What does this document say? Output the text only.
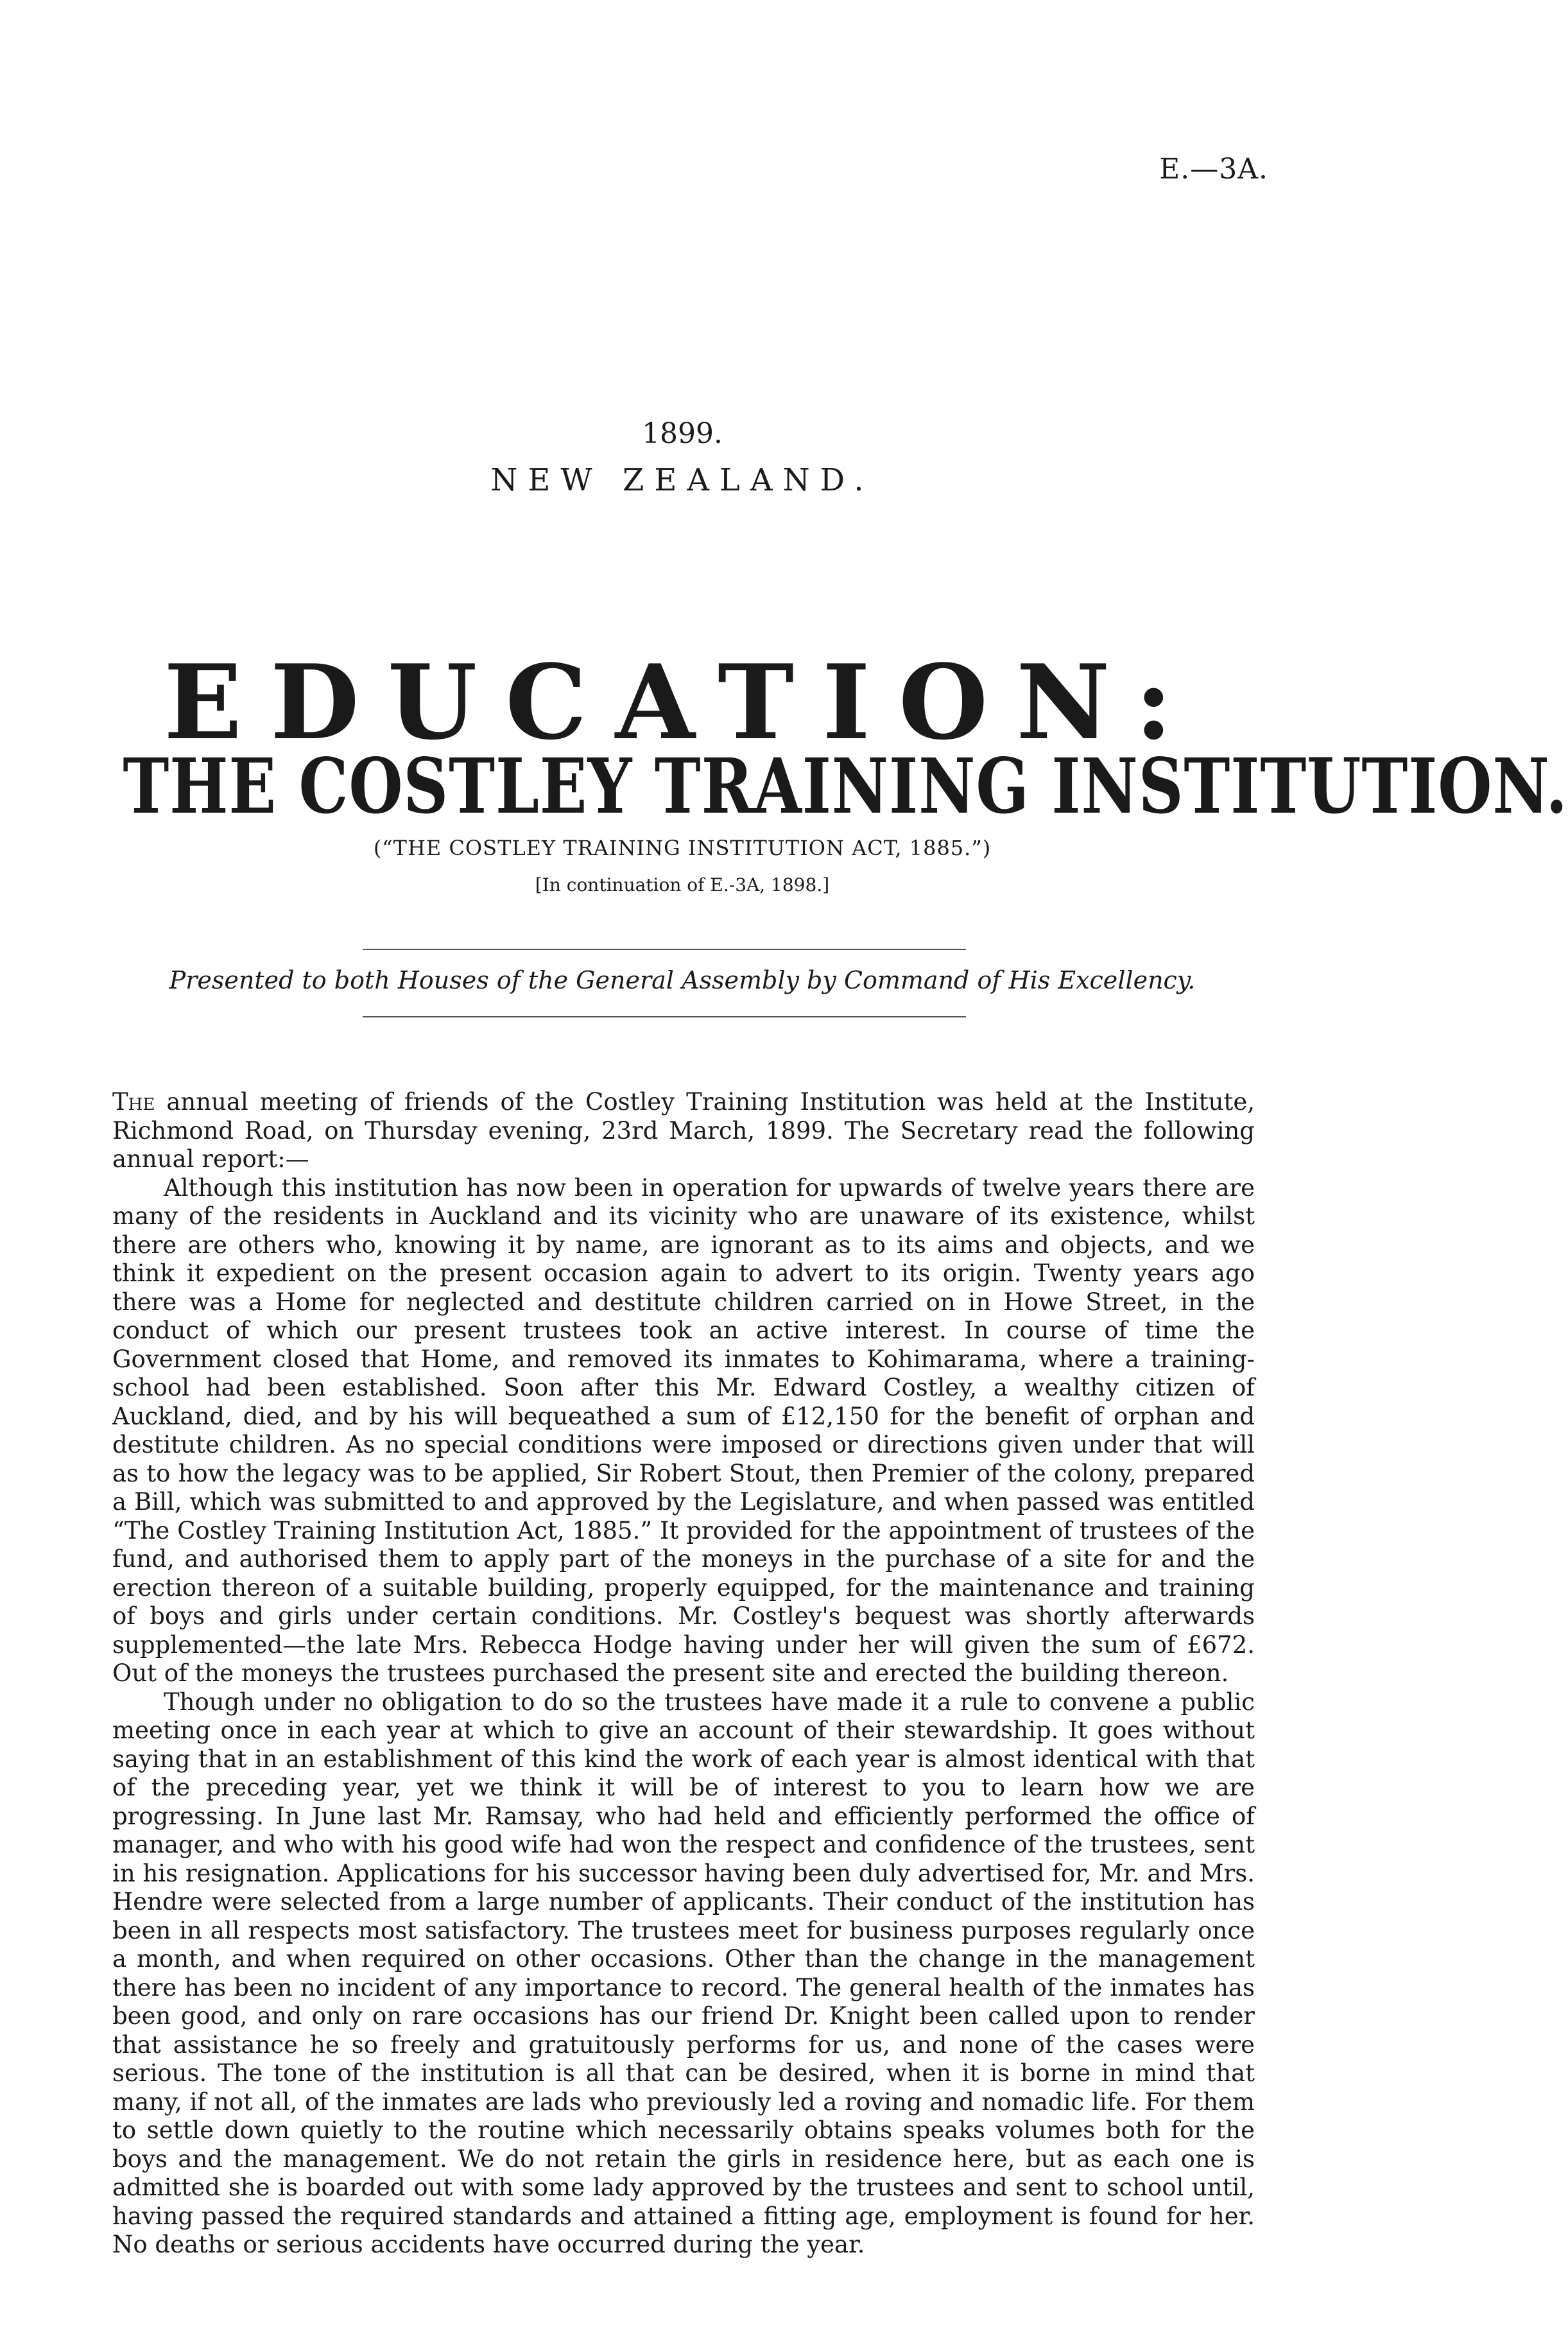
E.—3A.
1899.
NEW ZEALAND.
EDUCATION:
THE COSTLEY TRAINING INSTITUTION.
(“THE COSTLEY TRAINING INSTITUTION ACT, 1885.”)
[In continuation of E.-3A, 1898.]
Presented to both Houses of the General Assembly by Command of His Excellency.

The annual meeting of friends of the Costley Training Institution was held at the Institute, Richmond Road, on Thursday evening, 23rd March, 1899. The Secretary read the following annual report:—

Although this institution has now been in operation for upwards of twelve years there are many of the residents in Auckland and its vicinity who are unaware of its existence, whilst there are others who, knowing it by name, are ignorant as to its aims and objects, and we think it expedient on the present occasion again to advert to its origin. Twenty years ago there was a Home for neglected and destitute children carried on in Howe Street, in the conduct of which our present trustees took an active interest. In course of time the Government closed that Home, and removed its inmates to Kohimarama, where a training-school had been established. Soon after this Mr. Edward Costley, a wealthy citizen of Auckland, died, and by his will bequeathed a sum of £12,150 for the benefit of orphan and destitute children. As no special conditions were imposed or directions given under that will as to how the legacy was to be applied, Sir Robert Stout, then Premier of the colony, prepared a Bill, which was submitted to and approved by the Legislature, and when passed was entitled “The Costley Training Institution Act, 1885.” It provided for the appointment of trustees of the fund, and authorised them to apply part of the moneys in the purchase of a site for and the erection thereon of a suitable building, properly equipped, for the maintenance and training of boys and girls under certain conditions. Mr. Costley's bequest was shortly afterwards supplemented—the late Mrs. Rebecca Hodge having under her will given the sum of £672. Out of the moneys the trustees purchased the present site and erected the building thereon.

Though under no obligation to do so the trustees have made it a rule to convene a public meeting once in each year at which to give an account of their stewardship. It goes without saying that in an establishment of this kind the work of each year is almost identical with that of the preceding year, yet we think it will be of interest to you to learn how we are progressing. In June last Mr. Ramsay, who had held and efficiently performed the office of manager, and who with his good wife had won the respect and confidence of the trustees, sent in his resignation. Applications for his successor having been duly advertised for, Mr. and Mrs. Hendre were selected from a large number of applicants. Their conduct of the institution has been in all respects most satisfactory. The trustees meet for business purposes regularly once a month, and when required on other occasions. Other than the change in the management there has been no incident of any importance to record. The general health of the inmates has been good, and only on rare occasions has our friend Dr. Knight been called upon to render that assistance he so freely and gratuitously performs for us, and none of the cases were serious. The tone of the institution is all that can be desired, when it is borne in mind that many, if not all, of the inmates are lads who previously led a roving and nomadic life. For them to settle down quietly to the routine which necessarily obtains speaks volumes both for the boys and the management. We do not retain the girls in residence here, but as each one is admitted she is boarded out with some lady approved by the trustees and sent to school until, having passed the required standards and attained a fitting age, employment is found for her. No deaths or serious accidents have occurred during the year.
